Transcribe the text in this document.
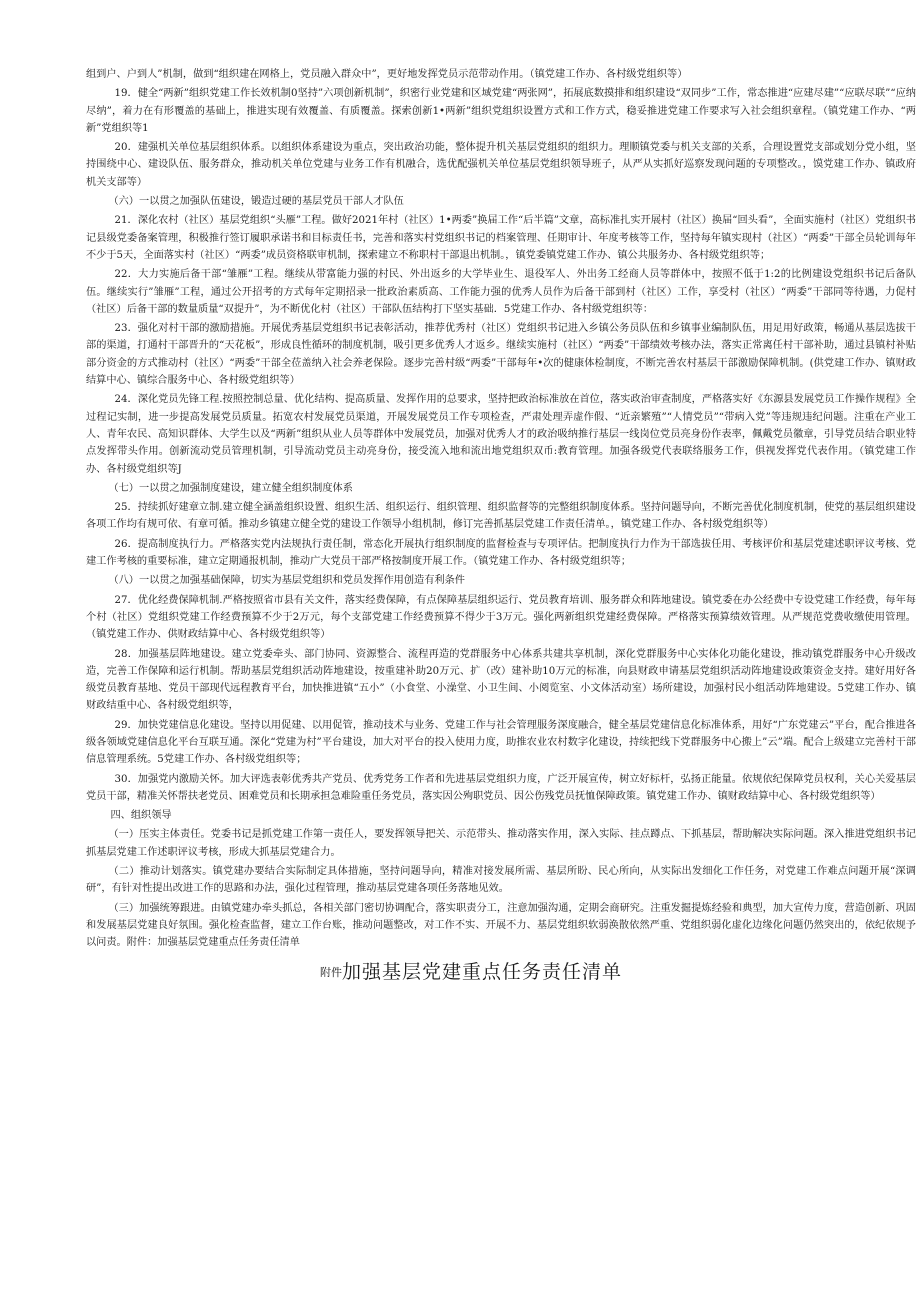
组到户、户到人”机制，做到“组织建在网格上，党员融入群众中”，更好地发挥党员示范带动作用。（镇党建工作办、各村级党组织等）

19．健全“两新”组织党建工作长效机制0坚持”六项创新机制”，织密行业党建和区域党建“两张网”，拓展底数摸排和组织建设“双同步”工作，常态推进“应建尽建”“应联尽联”“应纳尽纳”，着力在有形覆盖的基础上，推进实现有效覆盖、有质覆盖。探索创新1•两新”组织党组织设置方式和工作方式，稳妥推进党建工作要求写入社会组织章程。（镇党建工作办、“两新”党组织等1

20．建强机关单位基层组织体系。以组织体系建设为重点，突出政治功能，整体提升机关基层党组织的组织力。理顺镇党委与机关支部的关系，合理设置党支部或划分党小组，坚持围绕中心、建设队伍、服务群众，推动机关单位党建与业务工作有机融合，选优配强机关单位基层党组织领导班子，从严从实抓好巡察发现问题的专项整改。，馍党建工作办、镇政府机关支部等）

（六）一以贯之加强队伍建设，锻造过硬的基层党员干部人才队伍

21．深化农村（社区）基层党组织“头雁”工程。做好2021年村（社区）1•两委”换届工作“后半篇”文章，高标准扎实开展村（社区）换届“回头看”，全面实施村（社区）党组织书记县级党委备案管理，积极推行签订履职承诺书和目标责任书，完善和落实村党组织书记的档案管理、任期审计、年度考核等工作，坚持每年镇实现村（社区）“两委”干部全员轮训每年不少于5天，全面落实村（社区）“两委”成员资格联审机制，探索建立不称职村干部退出机制。，镇党委镇党建工作办、镇公共服务办、各村级党组织等；

22．大力实施后备干部“雏雁”工程。继续从带富能力强的村民、外出返乡的大学毕业生、退役军人、外出务工经商人员等群体中，按照不低于1:2的比例建设党组织书记后备队伍。继续实行”雏雁”工程，通过公开招考的方式每年定期招录一批政治素质高、工作能力强的优秀人员作为后备干部到村（社区）工作，享受村（社区）“两委”干部同等待遇，力促村（社区）后备干部的数量质量“双提升”，为不断优化村（社区）干部队伍结构打下坚实基础．5党建工作办、各村级党组织等：

23．强化对村干部的激励措施。开展优秀基层党组织书记表彰活动，推荐优秀村（社区）党组织书记进入乡镇公务员队伍和乡镇事业编制队伍，用足用好政策，畅通从基层选拔干部的渠道，打通村干部晋升的“天花板”，形成良性循环的制度机制，吸引更多优秀人才返乡。继续实施村（社区）“两委”干部绩效考核办法，落实正常离任村干部补助，通过县镇村补贴部分资金的方式推动村（社区）“两委”干部全莅盖纳入社会养老保险。逐步完善村级“两委”干部每年•次的健康体检制度，不断完善农村基层干部激励保障机制。(供党建工作办、镇财政结算中心、镇综合服务中心、各村级党组织等）

24．深化党员先锋工程.按照控制总量、优化结构、提高质量、发挥作用的总要求，坚持把政治标准放在首位，落实政治审查制度，严格落实好《东源县发展党员工作操作规程》全过程记实制，进一步提高发展党员质量。拓宽农村发展党员渠道，开展发展党员工作专项检查，严肃处理弄虚作假、“近亲繁殖”“人情党员”“带病入党”等违规违纪问题。注重在产业工人、青年农民、高知识群体、大学生以及“两新”组织从业人员等群体中发展党员，加强对优秀人才的政治吸纳推行基层一线岗位党员亮身份作表率，佩戴党员徽章，引导党员结合职业特点发挥带头作用。创新流动党员管理机制，引导流动党员主动亮身份，接受流入地和流出地党组织双币:教育管理。加强各级党代表联络服务工作，俱视发挥党代表作用。（镇党建工作办、各村级党组织等J

（七）一以贯之加强制度建设，建立健全组织制度体系

25．持续抓好建章立制.建立健全涵盖组织设置、组织生活、组织运行、组织管理、组织监督等的完整组织制度体系。坚持问题导向，不断完善优化制度机制，使党的基层组织建设各项工作均有规可依、有章可循。推动乡镇建立健全党的建设工作领导小组机制，修订完善抓基层党建工作责任清单。，镇党建工作办、各村级党组织等）

26．提高制度执行力。严格落实党内法规执行责任制，常态化开展执行组织制度的监督检查与专项评估。把制度执行力作为干部选拔任用、考核评价和基层党建述职评议考核、党建工作考核的重要标准，建立定期通报机制，推动广大党员干部严格按制度开展工作。（镇党建工作办、各村级党组织等；

（八）一以贯之加强基础保障，切实为基层党组织和党员发挥作用创造有利条件

27．优化经费保障机制.严格按照省市县有关文件，落实经费保障，有点保障基层组织运行、党员教育培训、服务群众和阵地建设。镇党委在办公经费中专设党建工作经费，每年每个村（社区）党组织党建工作经费预算不少于2万元，每个支部党建工作经费预算不得少于3万元。强化两新组织党建经费保障。严格落实预算绩效管理。从严规范党费收缴使用管理。（镇党建工作办、供财政结算中心、各村级党组织等）

28．加强基层阵地建设。建立党委牵头、部门协同、资源整合、流程再造的党群服务中心体系共建共享机制，深化党群服务中心实体化功能化建设，推动镇党群服务中心升级改造，完善工作保障和运行机制。帮助基层党组织活动阵地建设，按重建补助20万元、扩（改）建补助10万元的标准，向县财政申请基层党组织活动阵地建设政策资金支持。建好用好各级党员教育基地、党员干部现代远程教育平台，加快推进镇“五小”（小食堂、小澡堂、小卫生间、小阅览室、小文体活动室）场所建设，加强村民小组活动阵地建设。5党建工作办、镇财政结重中心、各村级党组织等，

29．加快党建信息化建设。坚持以用促建、以用促管，推动技术与业务、党建工作与社会管理服务深度融合，健全基层党建信息化标准体系，用好“广东党建云”平台，配合推进各级各领域党建信息化平台互联互通。深化“党建为村”平台建设，加大对平台的投入使用力度，助推农业农村数字化建设，持续把线下党群服务中心搬上”云”端。配合上级建立完善村干部信息管理系统。5党建工作办、各村级党组织等；

30．加强党内激励关怀。加大评选表彰优秀共产党员、优秀党务工作者和先进基层党组织力度，广泛开展宣传，树立好标杆，弘扬正能量。依规依纪保障党员权利，关心关爱基层党员干部，精准关怀帮扶老党员、困难党员和长期承担急难险重任务党员，落实因公殉职党员、因公伤残党员抚恤保障政策。镇党建工作办、镇财政结算中心、各村级党组织等）

四、组织领导

（一）压实主体责任。党委书记是抓党建工作第一责任人，要发挥领导把关、示范带头、推动落实作用，深入实际、挂点蹲点、下抓基层，帮助解决实际问题。深入推进党组织书记抓基层党建工作述职评议考核，形成大抓基层党建合力。

（二）推动计划落实。镇党建办要结合实际制定具体措施，坚持问题导向，精准对接发展所需、基层所盼、民心所向，从实际出发细化工作任务，对党建工作难点问题开展“深调研”，有针对性提出改进工作的思路和办法，强化过程管理，推动基层党建各项任务落地见效。

（三）加强统筹跟进。由镇党建办牵头抓总，各相关部门密切协调配合，落实职责分工，注意加强沟通，定期会商研究。注重发掘提炼经验和典型，加大宣传力度，营造创新、巩固和发展基层党建良好氛围。强化检查监督，建立工作台账，推动问题整改，对工作不实、开展不力、基层党组织软弱涣散依然严重、党组织弱化虚化边缘化问题仍然突出的，依纪依规予以问责。附件：加强基层党建重点任务责任清单

附件加强基层党建重点任务责任清单
